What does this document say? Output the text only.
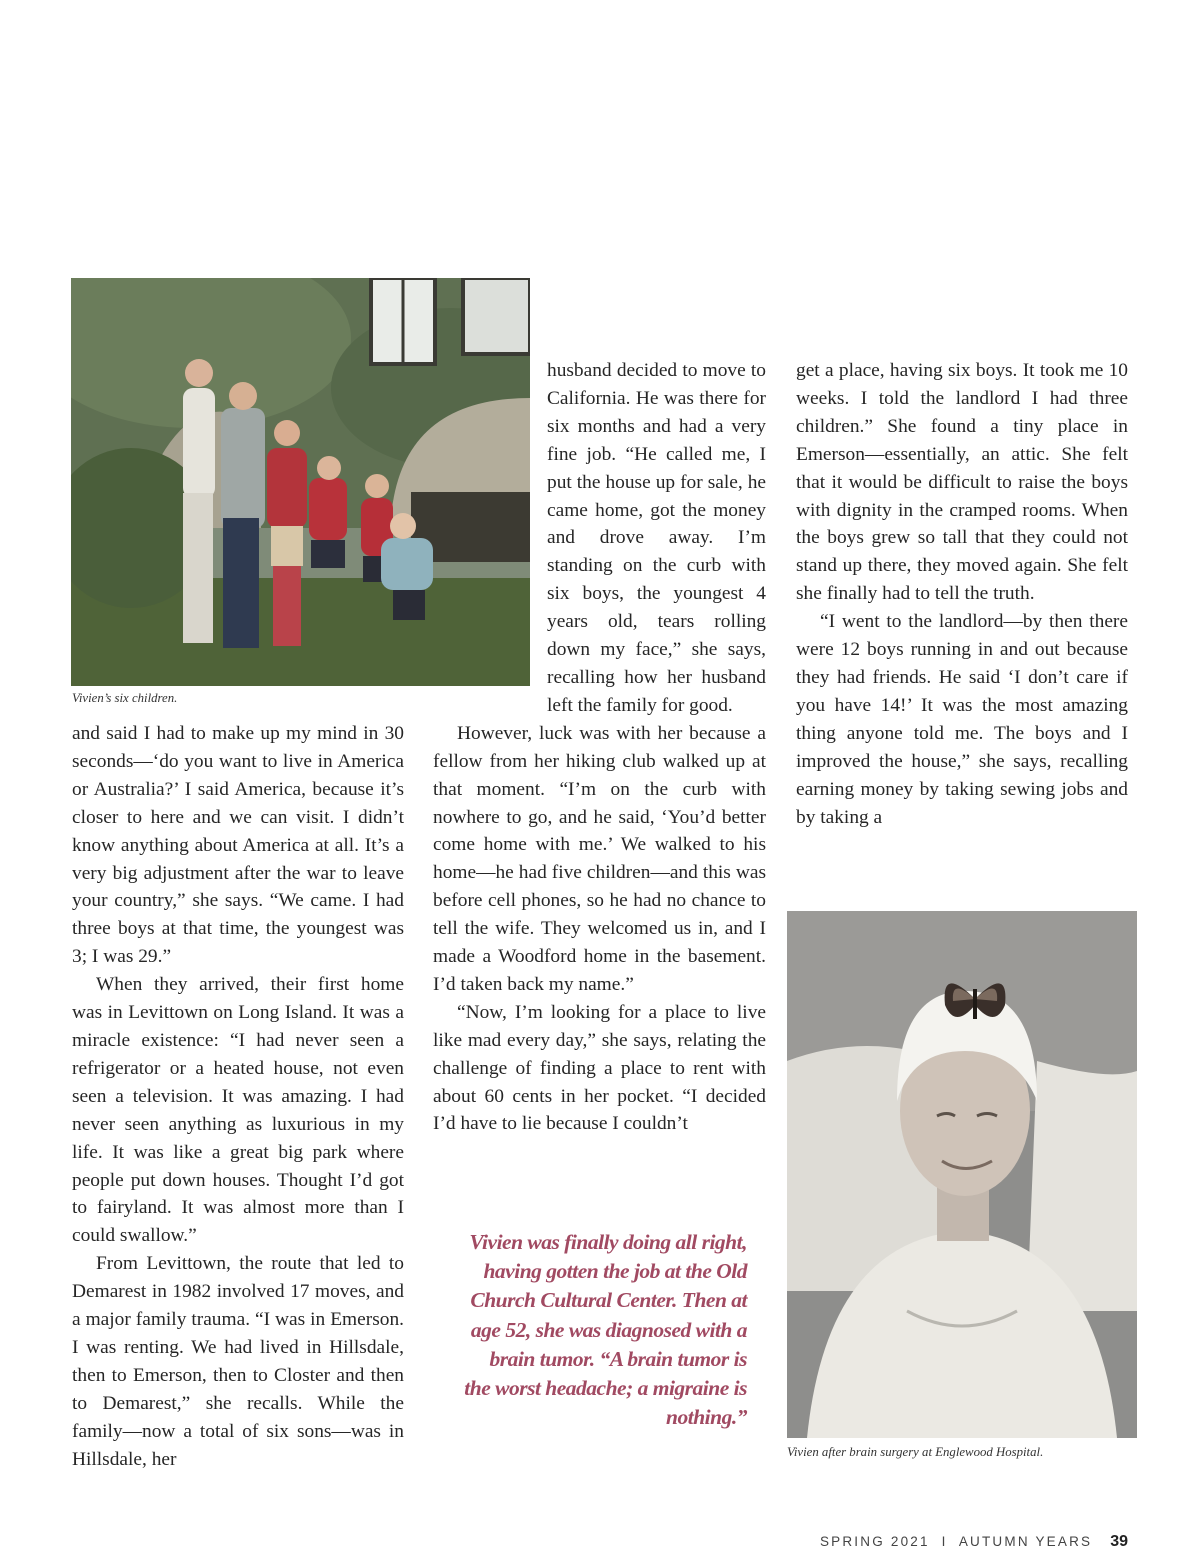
Vivien’s six children.

and said I had to make up my mind in 30 seconds—‘do you want to live in America or Australia?’ I said America, because it’s closer to here and we can visit. I didn’t know anything about America at all. It’s a very big adjustment after the war to leave your country,” she says. “We came. I had three boys at that time, the youngest was 3; I was 29.”

When they arrived, their first home was in Levittown on Long Island. It was a miracle existence: “I had never seen a refrigerator or a heated house, not even seen a television. It was amazing. I had never seen anything as luxurious in my life. It was like a great big park where people put down houses. Thought I’d got to fairyland. It was almost more than I could swallow.”

From Levittown, the route that led to Demarest in 1982 involved 17 moves, and a major family trauma. “I was in Emerson. I was renting. We had lived in Hillsdale, then to Emerson, then to Closter and then to Demarest,” she recalls. While the family—now a total of six sons—was in Hillsdale, her

husband decided to move to California. He was there for six months and had a very fine job. “He called me, I put the house up for sale, he came home, got the money and drove away. I’m standing on the curb with six boys, the youngest 4 years old, tears rolling down my face,” she says, recalling how her husband left the family for good.

However, luck was with her because a fellow from her hiking club walked up at that moment. “I’m on the curb with nowhere to go, and he said, ‘You’d better come home with me.’ We walked to his home—he had five children—and this was before cell phones, so he had no chance to tell the wife. They welcomed us in, and I made a Woodford home in the basement. I’d taken back my name.”

“Now, I’m looking for a place to live like mad every day,” she says, relating the challenge of finding a place to rent with about 60 cents in her pocket. “I decided I’d have to lie because I couldn’t

Vivien was finally doing all right, having gotten the job at the Old Church Cultural Center. Then at age 52, she was diagnosed with a brain tumor. “A brain tumor is the worst headache; a migraine is nothing.”

get a place, having six boys. It took me 10 weeks. I told the landlord I had three children.” She found a tiny place in Emerson—essentially, an attic. She felt that it would be difficult to raise the boys with dignity in the cramped rooms. When the boys grew so tall that they could not stand up there, they moved again. She felt she finally had to tell the truth.

“I went to the landlord—by then there were 12 boys running in and out because they had friends. He said ‘I don’t care if you have 14!’ It was the most amazing thing anyone told me. The boys and I improved the house,” she says, recalling earning money by taking sewing jobs and by taking a

Vivien after brain surgery at Englewood Hospital.
SPRING 2021 I AUTUMN YEARS 39
